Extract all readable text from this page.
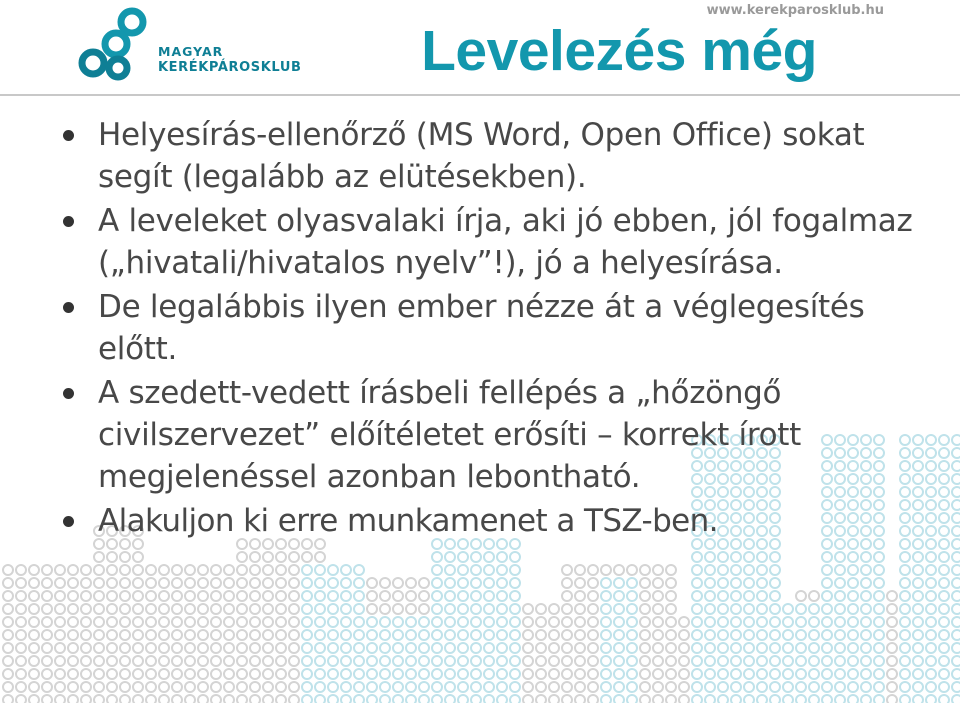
MAGYAR
KERÉKPÁROSKLUB
www.kerekparosklub.hu
Levelezés még
Helyesírás-ellenőrző (MS Word, Open Office) sokat segít (legalább az elütésekben).
A leveleket olyasvalaki írja, aki jó ebben, jól fogalmaz („hivatali/hivatalos nyelv”!), jó a helyesírása.
De legalábbis ilyen ember nézze át a véglegesítés előtt.
A szedett-vedett írásbeli fellépés a „hőzöngő civilszervezet” előítéletet erősíti – korrekt írott megjelenéssel azonban lebontható.
Alakuljon ki erre munkamenet a TSZ-ben.
